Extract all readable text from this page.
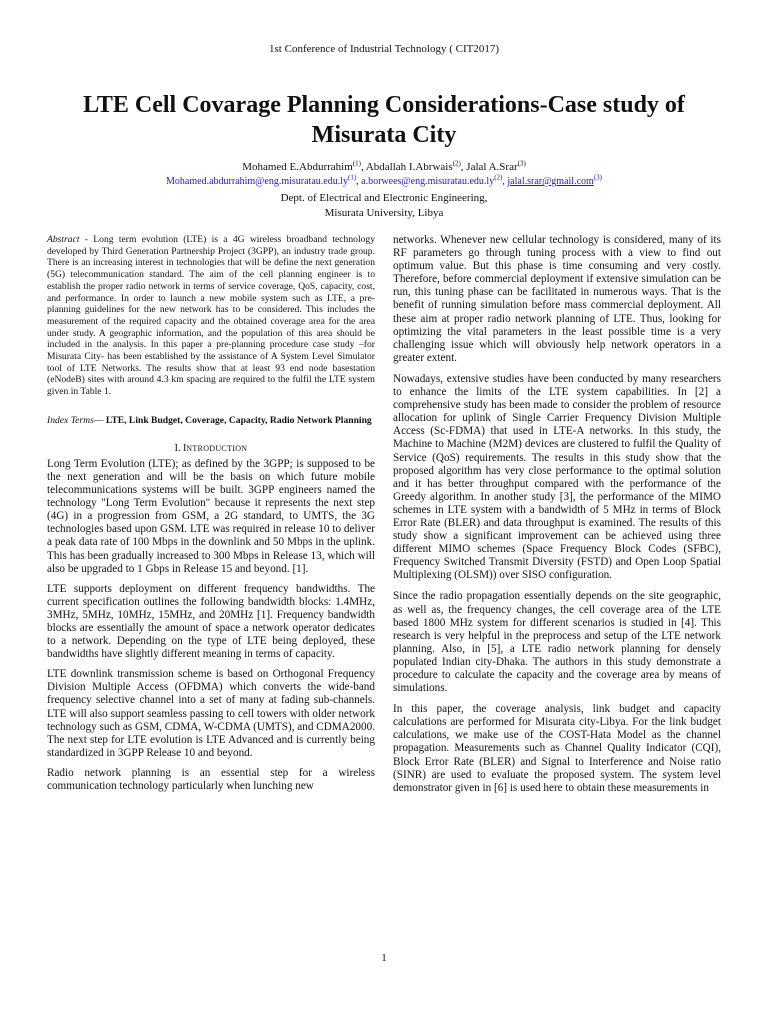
1st Conference of Industrial Technology ( CIT2017)
LTE Cell Covarage Planning Considerations-Case study of Misurata City
Mohamed E.Abdurrahim$^{(1)}$, Abdallah I.Abrwais$^{(2)}$, Jalal A.Srar$^{(3)}$
$Mohamed.abdurrahim@eng.misuratau.edu.ly^{(1)}$, $a.borwees@eng.misuratau.edu.ly^{(2)}$, jalal.srar@gmail.com$^{(3)}$
Dept. of Electrical and Electronic Engineering,
Misurata University, Libya

Abstract - Long term evolution (LTE) is a 4G wireless broadband technology developed by Third Generation Partnership Project (3GPP), an industry trade group. There is an increasing interest in technologies that will be define the next generation (5G) telecommunication standard. The aim of the cell planning engineer is to establish the proper radio network in terms of service coverage, QoS, capacity, cost, and performance. In order to launch a new mobile system such as LTE, a pre-planning guidelines for the new network has to be considered. This includes the measurement of the required capacity and the obtained coverage area for the area under study. A geographic information, and the population of this area should be included in the analysis. In this paper a pre-planning procedure case study –for Misurata City- has been established by the assistance of A System Level Simulator tool of LTE Networks. The results show that at least 93 end node basestation (eNodeB) sites with around 4.3 km spacing are required to the fulfil the LTE system given in Table 1.

Index Terms— LTE, Link Budget, Coverage, Capacity, Radio Network Planning

I. INTRODUCTION

Long Term Evolution (LTE); as defined by the 3GPP; is supposed to be the next generation and will be the basis on which future mobile telecommunications systems will be built. 3GPP engineers named the technology "Long Term Evolution" because it represents the next step (4G) in a progression from GSM, a 2G standard, to UMTS, the 3G technologies based upon GSM. LTE was required in release 10 to deliver a peak data rate of 100 Mbps in the downlink and 50 Mbps in the uplink. This has been gradually increased to 300 Mbps in Release 13, which will also be upgraded to 1 Gbps in Release 15 and beyond. [1].

LTE supports deployment on different frequency bandwidths. The current specification outlines the following bandwidth blocks: 1.4MHz, 3MHz, 5MHz, 10MHz, 15MHz, and 20MHz [1]. Frequency bandwidth blocks are essentially the amount of space a network operator dedicates to a network. Depending on the type of LTE being deployed, these bandwidths have slightly different meaning in terms of capacity.

LTE downlink transmission scheme is based on Orthogonal Frequency Division Multiple Access (OFDMA) which converts the wide-band frequency selective channel into a set of many at fading sub-channels. LTE will also support seamless passing to cell towers with older network technology such as GSM, CDMA, W-CDMA (UMTS), and CDMA2000. The next step for LTE evolution is LTE Advanced and is currently being standardized in 3GPP Release 10 and beyond.

Radio network planning is an essential step for a wireless communication technology particularly when lunching new

networks. Whenever new cellular technology is considered, many of its RF parameters go through tuning process with a view to find out optimum value. But this phase is time consuming and very costly. Therefore, before commercial deployment if extensive simulation can be run, this tuning phase can be facilitated in numerous ways. That is the benefit of running simulation before mass commercial deployment. All these aim at proper radio network planning of LTE. Thus, looking for optimizing the vital parameters in the least possible time is a very challenging issue which will obviously help network operators in a greater extent.

Nowadays, extensive studies have been conducted by many researchers to enhance the limits of the LTE system capabilities. In [2] a comprehensive study has been made to consider the problem of resource allocation for uplink of Single Carrier Frequency Division Multiple Access (Sc-FDMA) that used in LTE-A networks. In this study, the Machine to Machine (M2M) devices are clustered to fulfil the Quality of Service (QoS) requirements. The results in this study show that the proposed algorithm has very close performance to the optimal solution and it has better throughput compared with the performance of the Greedy algorithm. In another study [3], the performance of the MIMO schemes in LTE system with a bandwidth of 5 MHz in terms of Block Error Rate (BLER) and data throughput is examined. The results of this study show a significant improvement can be achieved using three different MIMO schemes (Space Frequency Block Codes (SFBC), Frequency Switched Transmit Diversity (FSTD) and Open Loop Spatial Multiplexing (OLSM)) over SISO configuration.

Since the radio propagation essentially depends on the site geographic, as well as, the frequency changes, the cell coverage area of the LTE based 1800 MHz system for different scenarios is studied in [4]. This research is very helpful in the preprocess and setup of the LTE network planning. Also, in [5], a LTE radio network planning for densely populated Indian city-Dhaka. The authors in this study demonstrate a procedure to calculate the capacity and the coverage area by means of simulations.

In this paper, the coverage analysis, link budget and capacity calculations are performed for Misurata city-Libya. For the link budget calculations, we make use of the COST-Hata Model as the channel propagation. Measurements such as Channel Quality Indicator (CQI), Block Error Rate (BLER) and Signal to Interference and Noise ratio (SINR) are used to evaluate the proposed system. The system level demonstrator given in [6] is used here to obtain these measurements in

1
